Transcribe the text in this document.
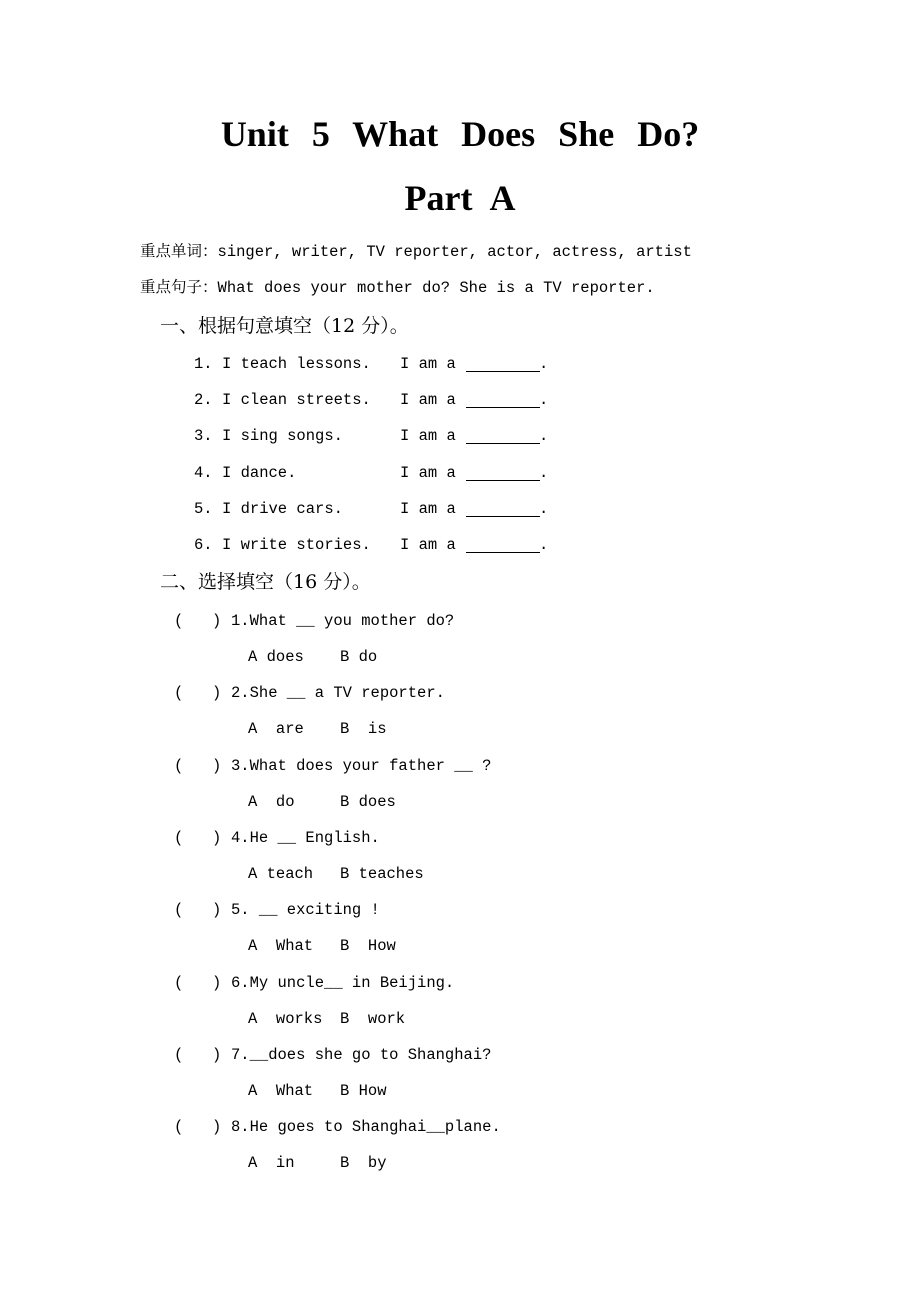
Unit 5 What Does She Do?
Part A
重点单词：singer, writer, TV reporter, actor, actress, artist
重点句子：What does your mother do? She is a TV reporter.
一、根据句意填空（12 分）。
1. I teach lessons. I am a	.
2. I clean streets. I am a	.
3. I sing songs.	I am a	.
4. I dance.	I am a	.
5. I drive cars.	I am a	.
6. I write stories. I am a	.
二、选择填空（16 分）。
( ) 1.What __ you mother do?
A does B do
( ) 2.She __ a TV reporter.
A  are B  is
( ) 3.What does your father __ ?
A  do	B does
( ) 4.He __ English.
A teach B teaches
( ) 5. __ exciting !
A  What B  How
( ) 6.My uncle__ in Beijing.
A  works B  work
( ) 7.__does she go to Shanghai?
A  What B How
( ) 8.He goes to Shanghai__plane.
A  in	B  by
